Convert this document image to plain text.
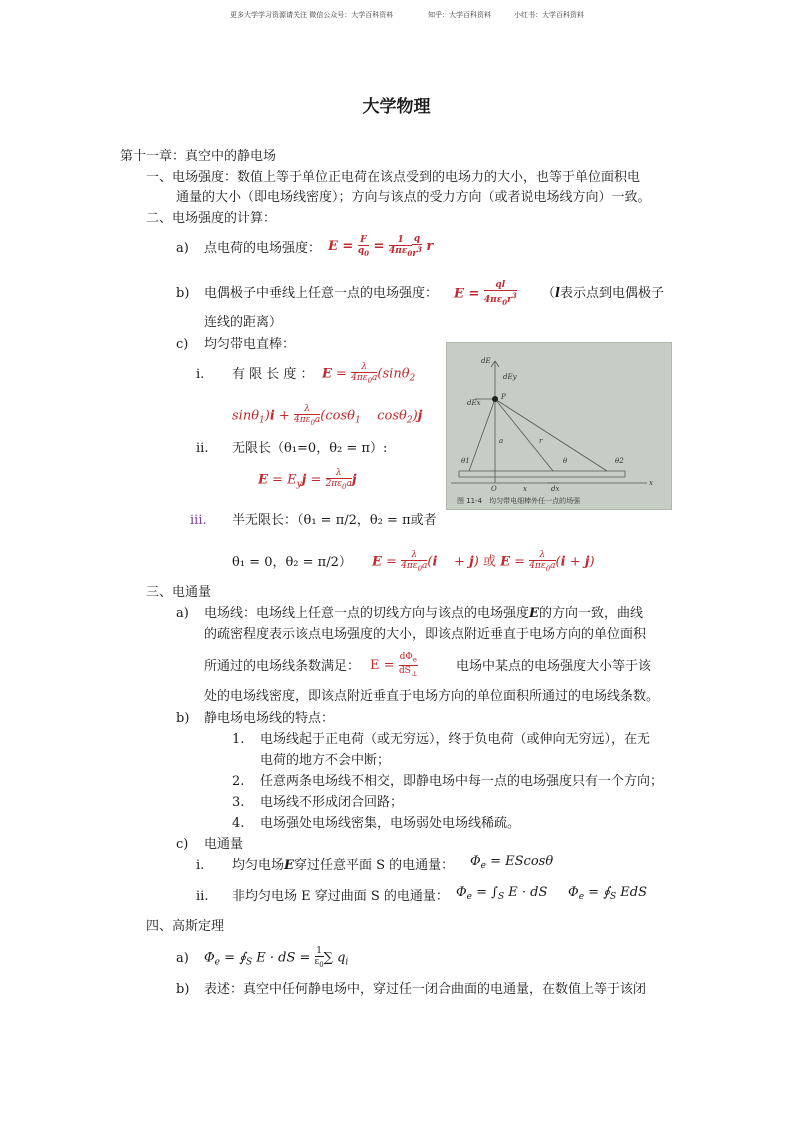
更多大学学习资源请关注 微信公众号：大学百科资料	知乎：大学百科资料	小红书：大学百科资料
大学物理
第十一章：真空中的静电场
一、电场强度：数值上等于单位正电荷在该点受到的电场力的大小，也等于单位面积电
通量的大小（即电场线密度）；方向与该点的受力方向（或者说电场线方向）一致。
二、电场强度的计算：
a) 点电荷的电场强度： $E = \frac{F}{q_0} = \frac{1}{4\pi\varepsilon_0} \frac{q}{r^3}$ r
b) 电偶极子中垂线上任意一点的电场强度： $E = \frac{ql}{4\pi\varepsilon_0r^3} (l$表示点到电偶极子
连线的距离）
c) 均匀带电直棒：
i. 有 限 长 度 ： $E = \frac{\lambda}{4\pi\varepsilon_0a} (\sin\theta_2$
$\sin\theta_1)i + \frac{\lambda}{4\pi\varepsilon_0a} (\cos\theta_1$    cosθ$_2$)j
ii. 无限长（θ₁=0，θ₂ = π）:
$E = E_yj = \frac{\lambda}{2\pi\varepsilon_0a}$ j
iii. 半无限长：（θ₁ = π/2，θ₂ = π或者
θ₁ = 0，θ₂ = π/2） $E = \frac{\lambda}{4\pi\varepsilon_0a} (i$    + j) 或 $E = \frac{\lambda}{4\pi\varepsilon_0a} (i + j)$
dE
dEy
dEx
P
a	r
θ1	θ	θ2
O	x	dx
x
图 11-4　均匀带电细棒外任一点的场强
三、电通量
a) 电场线：电场线上任意一点的切线方向与该点的电场强度E的方向一致，曲线
的疏密程度表示该点电场强度的大小，即该点附近垂直于电场方向的单位面积
所通过的电场线条数满足： $E = \frac{d\Phi_e}{dS_\perp}$	电场中某点的电场强度大小等于该
处的电场线密度，即该点附近垂直于电场方向的单位面积所通过的电场线条数。
b) 静电场电场线的特点：
1. 电场线起于正电荷（或无穷远），终于负电荷（或伸向无穷远），在无
电荷的地方不会中断；
2. 任意两条电场线不相交，即静电场中每一点的电场强度只有一个方向；
3. 电场线不形成闭合回路；
4. 电场强处电场线密集，电场弱处电场线稀疏。
c) 电通量
i. 均匀电场E穿过任意平面 S 的电通量： $\Phi_e = EScos\theta$
ii. 非均匀电场 E 穿过曲面 S 的电通量： $\Phi_e = \int_S$ E · dS     $\Phi_e$ = $∮_S$ EdS
四、高斯定理
a) $\Phi_e$ = $∮_S$ E · dS = $\frac{1}{\varepsilon_0}$ ∑ $q_i$
b) 表述：真空中任何静电场中，穿过任一闭合曲面的电通量，在数值上等于该闭
